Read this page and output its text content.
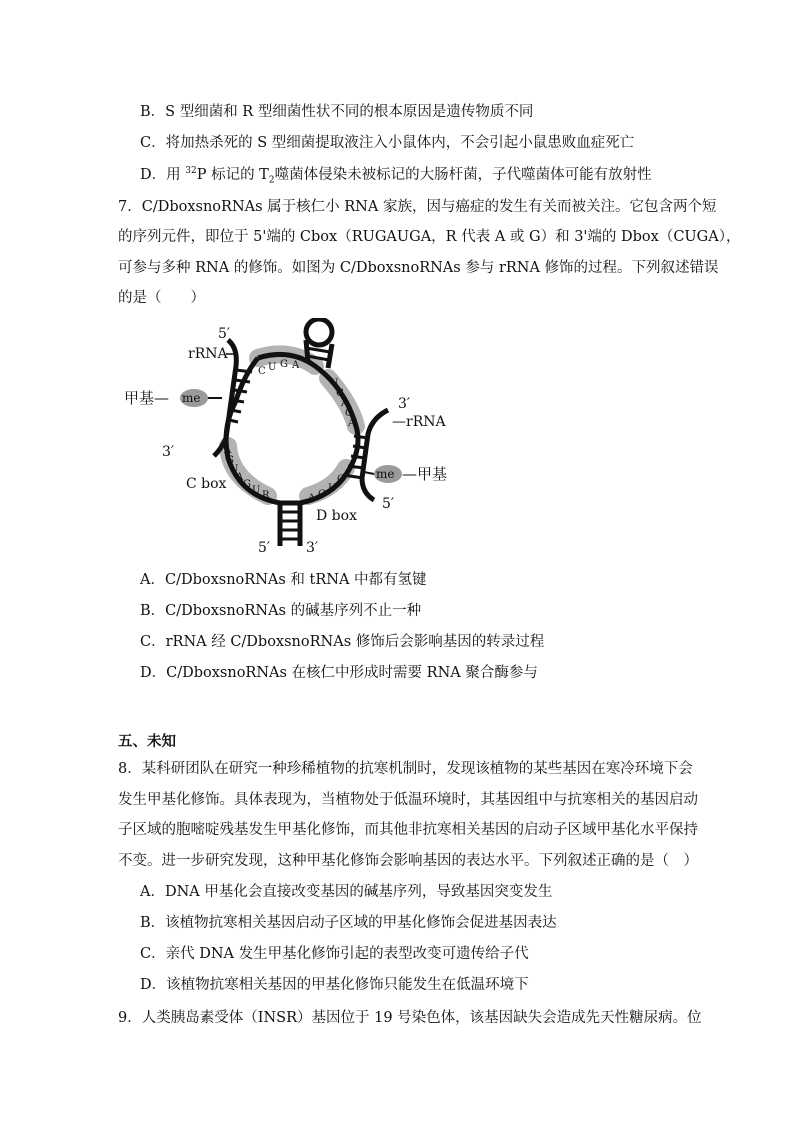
B．S 型细菌和 R 型细菌性状不同的根本原因是遗传物质不同
C．将加热杀死的 S 型细菌提取液注入小鼠体内，不会引起小鼠患败血症死亡
D．用 $^{32}$P 标记的 $T_2$噬菌体侵染未被标记的大肠杆菌，子代噬菌体可能有放射性
7．C/DboxsnoRNAs 属于核仁小 RNA 家族，因与癌症的发生有关而被关注。它包含两个短
的序列元件，即位于 5'端的 Cbox（RUGAUGA，R 代表 A 或 G）和 3'端的 Dbox（CUGA），
可参与多种 RNA 的修饰。如图为 C/DboxsnoRNAs 参与 rRNA 修饰的过程。下列叙述错误
的是（　　）
5′
rRNA
甲基— me
3′
C box
3′
—rRNA
me —甲基
5′
D box
5′	3′
C U G A
U
G
A
G
A
A
G
U
A
G
U R	A G
U
C
A．C/DboxsnoRNAs 和 tRNA 中都有氢键
B．C/DboxsnoRNAs 的碱基序列不止一种
C．rRNA 经 C/DboxsnoRNAs 修饰后会影响基因的转录过程
D．C/DboxsnoRNAs 在核仁中形成时需要 RNA 聚合酶参与
五、未知
8．某科研团队在研究一种珍稀植物的抗寒机制时，发现该植物的某些基因在寒冷环境下会
发生甲基化修饰。具体表现为，当植物处于低温环境时，其基因组中与抗寒相关的基因启动
子区域的胞嘧啶残基发生甲基化修饰，而其他非抗寒相关基因的启动子区域甲基化水平保持
不变。进一步研究发现，这种甲基化修饰会影响基因的表达水平。下列叙述正确的是（　）
A．DNA 甲基化会直接改变基因的碱基序列，导致基因突变发生
B．该植物抗寒相关基因启动子区域的甲基化修饰会促进基因表达
C．亲代 DNA 发生甲基化修饰引起的表型改变可遗传给子代
D．该植物抗寒相关基因的甲基化修饰只能发生在低温环境下
9．人类胰岛素受体（INSR）基因位于 19 号染色体，该基因缺失会造成先天性糖尿病。位
